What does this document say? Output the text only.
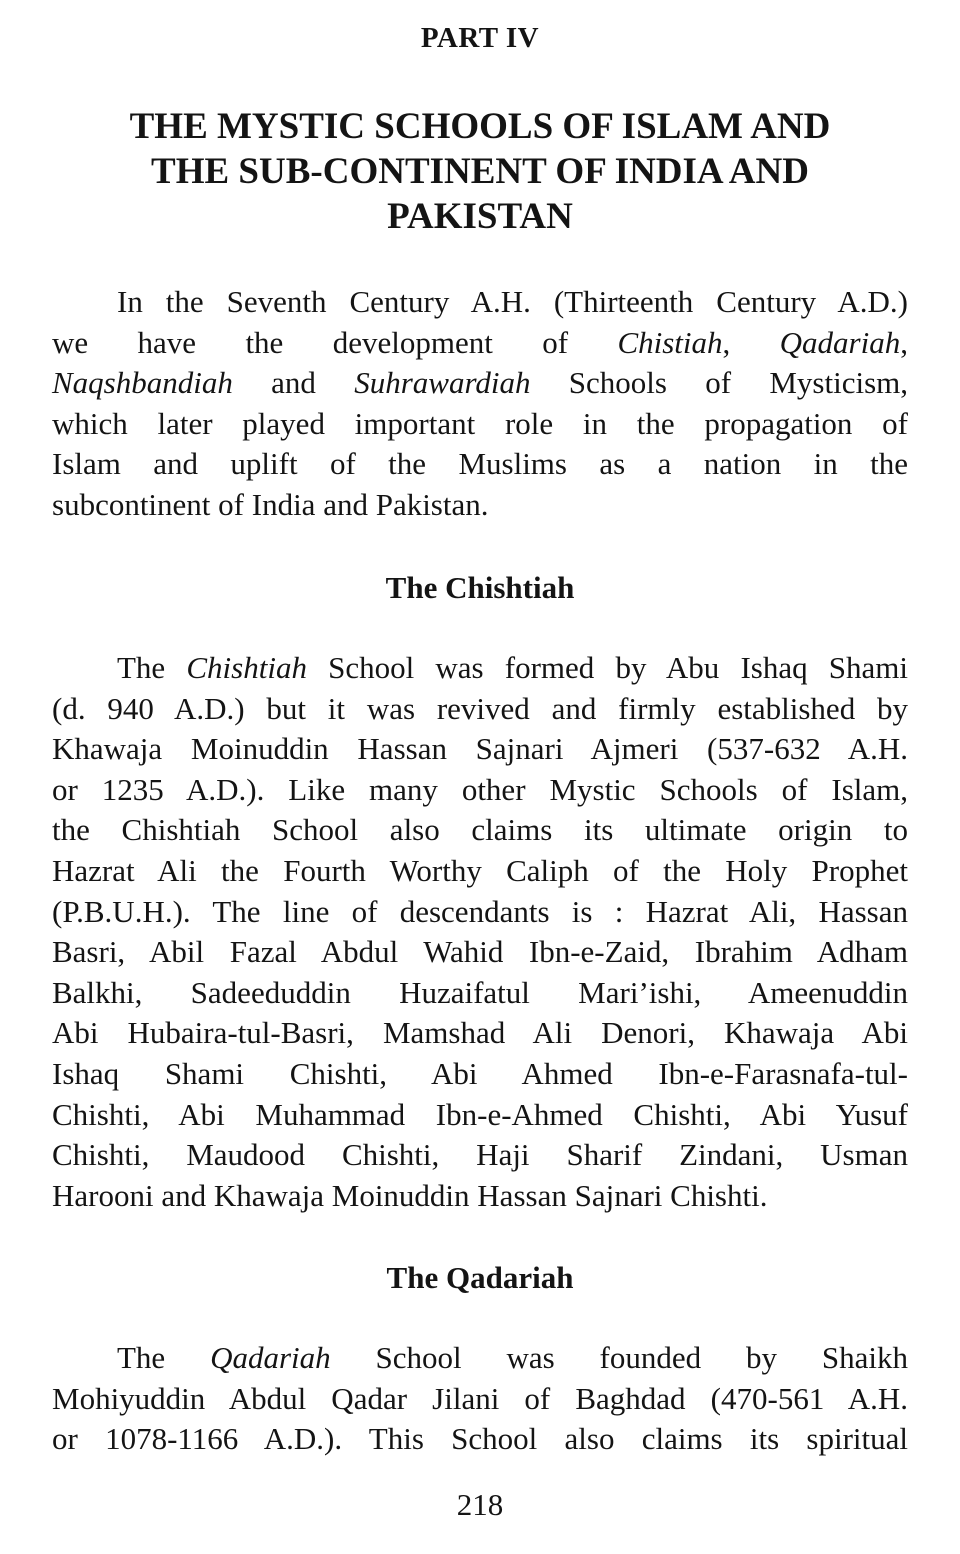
PART IV
THE MYSTIC SCHOOLS OF ISLAM AND
THE SUB-CONTINENT OF INDIA AND
PAKISTAN

In the Seventh Century A.H. (Thirteenth Century A.D.)
we have the development of Chistiah, Qadariah,
Naqshbandiah and Suhrawardiah Schools of Mysticism,
which later played important role in the propagation of
Islam and uplift of the Muslims as a nation in the
subcontinent of India and Pakistan.

The Chishtiah

The Chishtiah School was formed by Abu Ishaq Shami
(d. 940 A.D.) but it was revived and firmly established by
Khawaja Moinuddin Hassan Sajnari Ajmeri (537-632 A.H.
or 1235 A.D.). Like many other Mystic Schools of Islam,
the Chishtiah School also claims its ultimate origin to
Hazrat Ali the Fourth Worthy Caliph of the Holy Prophet
(P.B.U.H.). The line of descendants is : Hazrat Ali, Hassan
Basri, Abil Fazal Abdul Wahid Ibn-e-Zaid, Ibrahim Adham
Balkhi, Sadeeduddin Huzaifatul Mari’ishi, Ameenuddin
Abi Hubaira-tul-Basri, Mamshad Ali Denori, Khawaja Abi
Ishaq Shami Chishti, Abi Ahmed Ibn-e-Farasnafa-tul-
Chishti, Abi Muhammad Ibn-e-Ahmed Chishti, Abi Yusuf
Chishti, Maudood Chishti, Haji Sharif Zindani, Usman
Harooni and Khawaja Moinuddin Hassan Sajnari Chishti.

The Qadariah

The Qadariah School was founded by Shaikh
Mohiyuddin Abdul Qadar Jilani of Baghdad (470-561 A.H.
or 1078-1166 A.D.). This School also claims its spiritual

218
